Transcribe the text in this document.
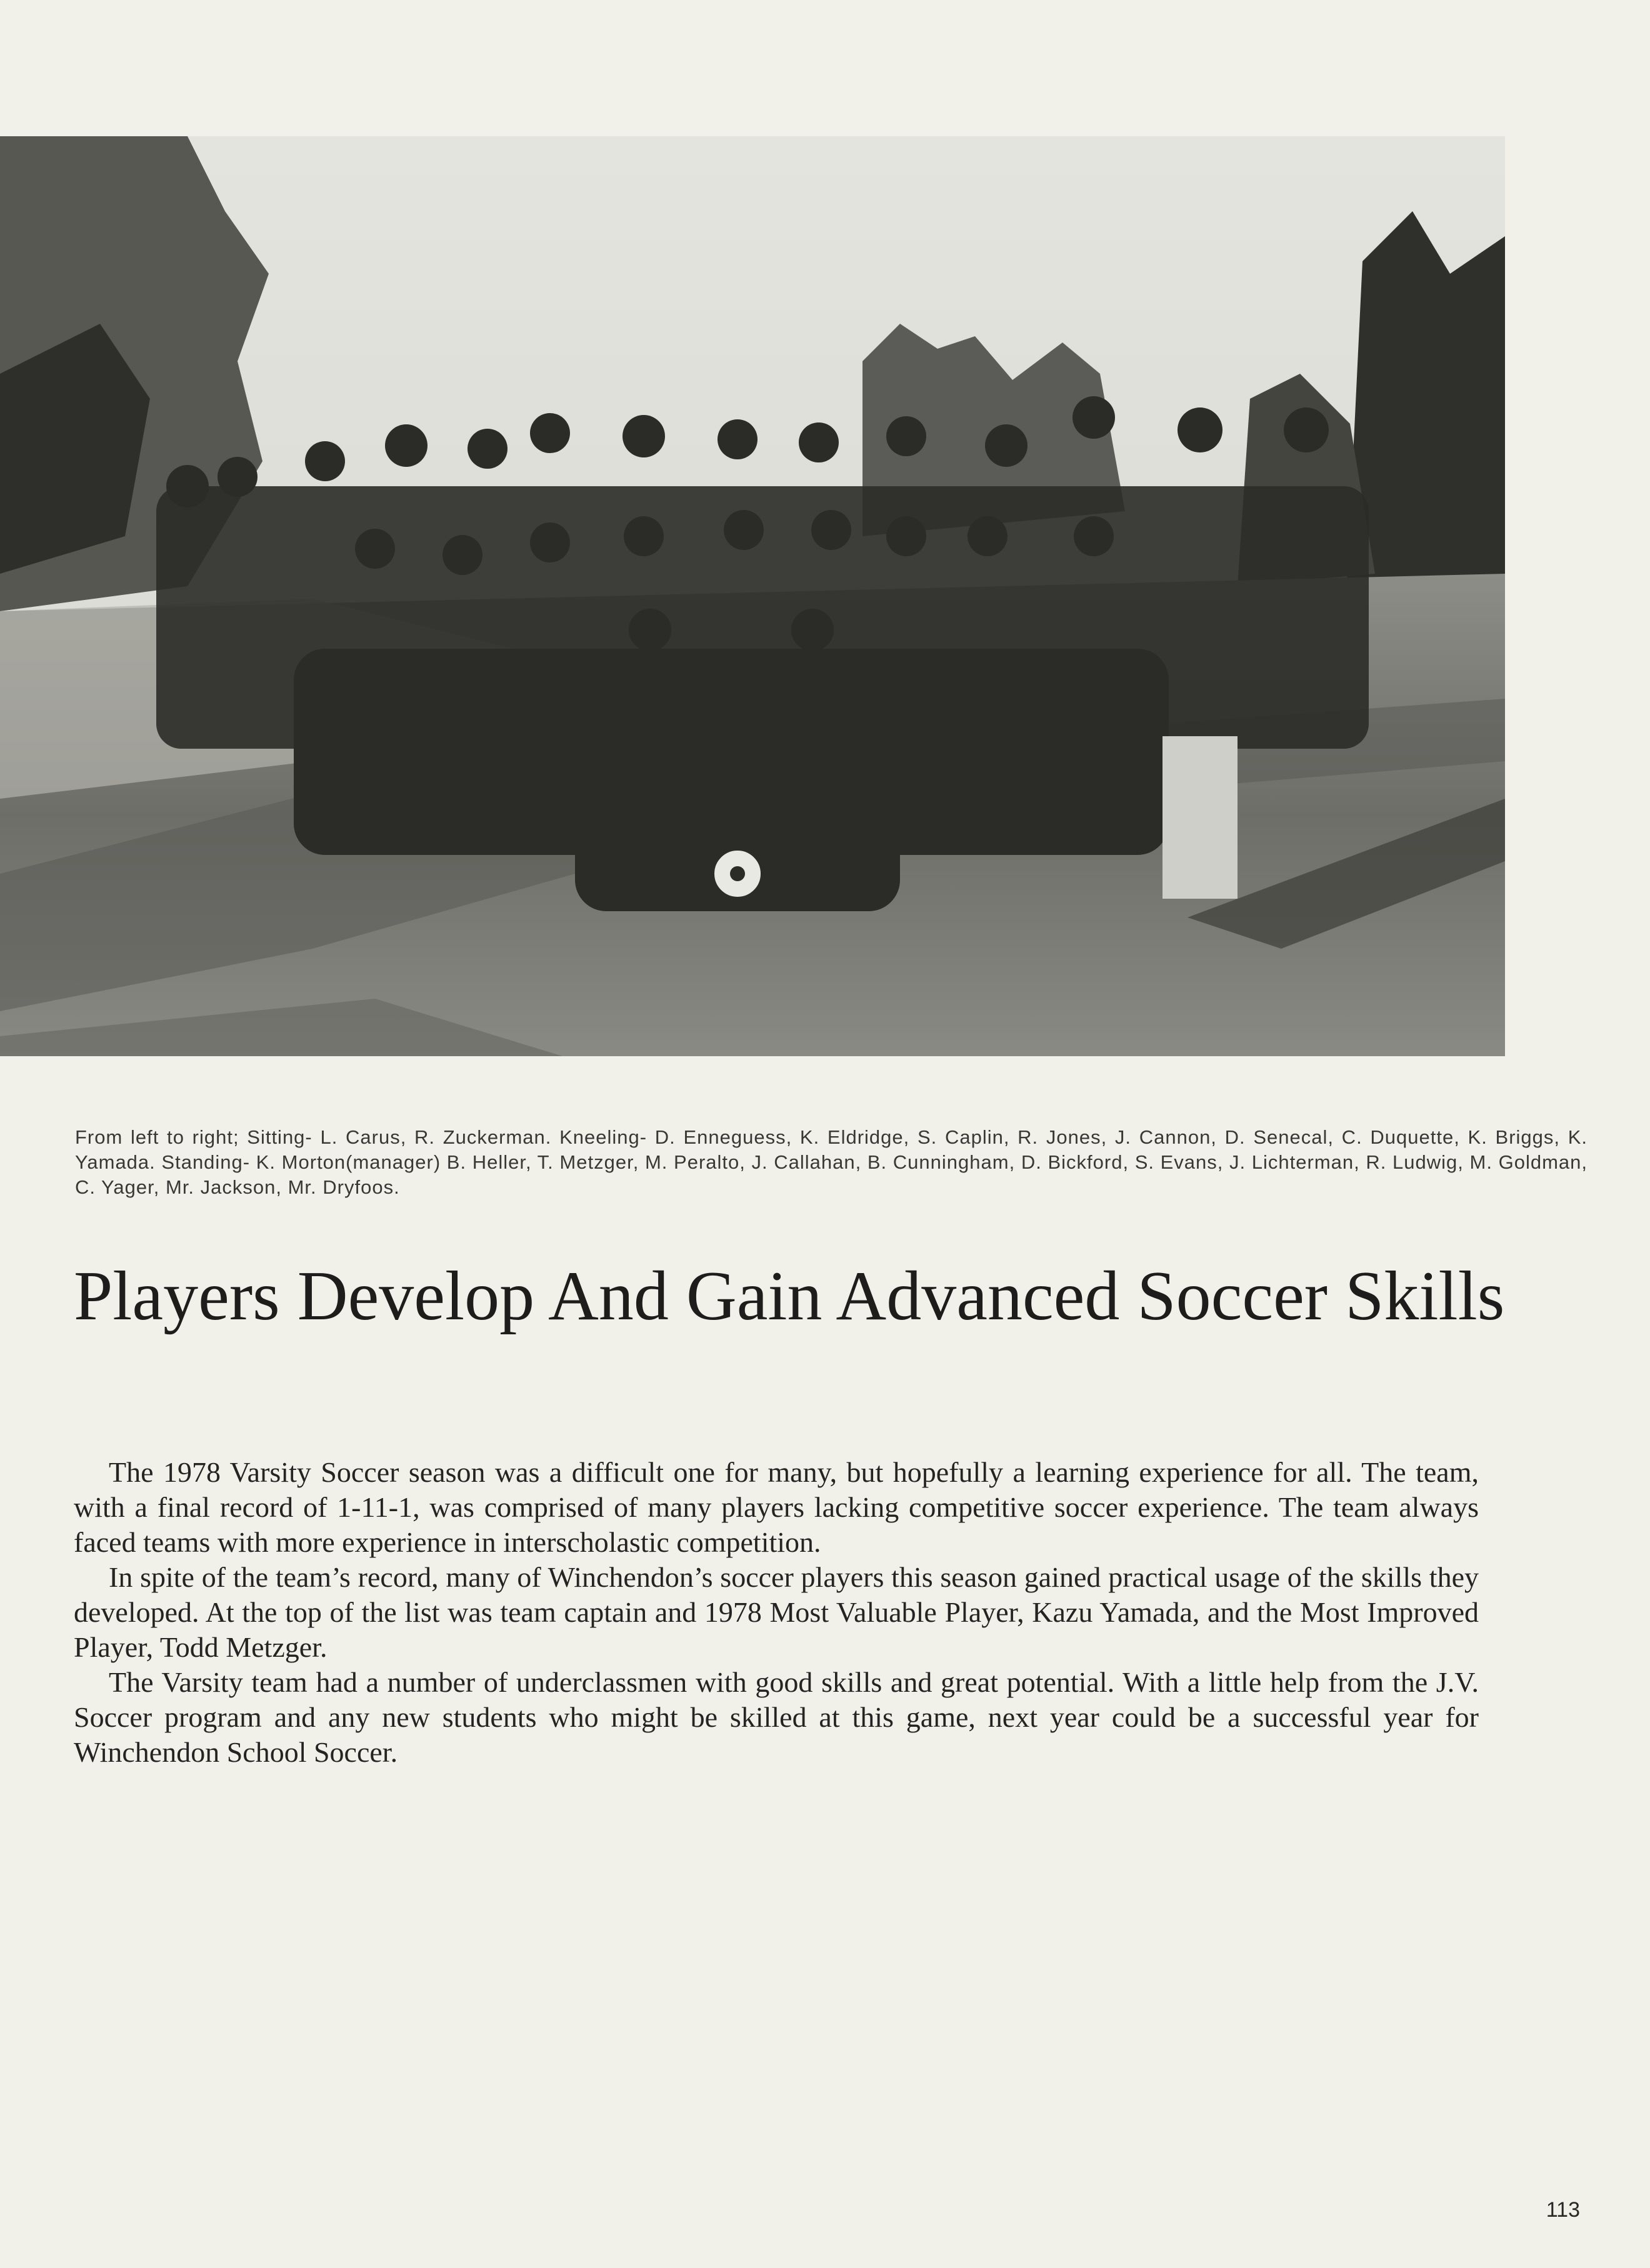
From left to right; Sitting- L. Carus, R. Zuckerman. Kneeling- D. Enneguess, K. Eldridge, S. Caplin, R. Jones, J. Cannon, D. Senecal, C. Duquette, K. Briggs, K. Yamada. Standing- K. Morton(manager) B. Heller, T. Metzger, M. Peralto, J. Callahan, B. Cunningham, D. Bickford, S. Evans, J. Lichterman, R. Ludwig, M. Goldman, C. Yager, Mr. Jackson, Mr. Dryfoos.

Players Develop And Gain Advanced Soccer Skills

The 1978 Varsity Soccer season was a difficult one for many, but hopefully a learning experience for all. The team, with a final record of 1-11-1, was comprised of many players lacking competitive soccer experience. The team always faced teams with more experience in interscholastic competition.

In spite of the team’s record, many of Winchendon’s soccer players this season gained practical usage of the skills they developed. At the top of the list was team captain and 1978 Most Valuable Player, Kazu Yamada, and the Most Improved Player, Todd Metzger.

The Varsity team had a number of underclassmen with good skills and great potential. With a little help from the J.V. Soccer program and any new students who might be skilled at this game, next year could be a successful year for Winchendon School Soccer.

113
